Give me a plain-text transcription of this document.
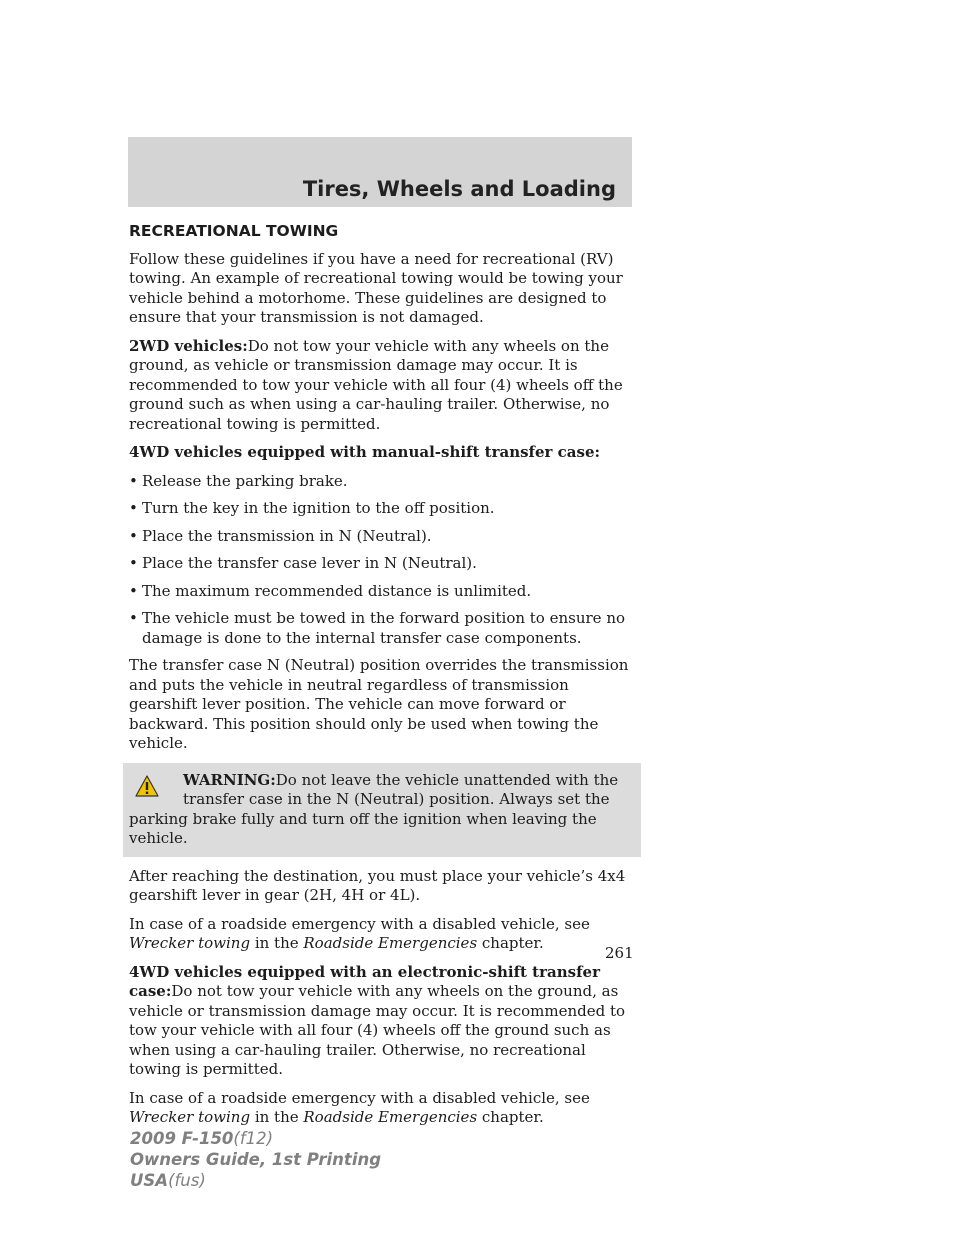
Tires, Wheels and Loading
RECREATIONAL TOWING

Follow these guidelines if you have a need for recreational (RV) towing. An example of recreational towing would be towing your vehicle behind a motorhome. These guidelines are designed to ensure that your transmission is not damaged.

2WD vehicles:Do not tow your vehicle with any wheels on the ground, as vehicle or transmission damage may occur. It is recommended to tow your vehicle with all four (4) wheels off the ground such as when using a car-hauling trailer. Otherwise, no recreational towing is permitted.

4WD vehicles equipped with manual-shift transfer case:

• Release the parking brake.
• Turn the key in the ignition to the off position.
• Place the transmission in N (Neutral).
• Place the transfer case lever in N (Neutral).
• The maximum recommended distance is unlimited.
• The vehicle must be towed in the forward position to ensure no damage is done to the internal transfer case components.

The transfer case N (Neutral) position overrides the transmission and puts the vehicle in neutral regardless of transmission gearshift lever position. The vehicle can move forward or backward. This position should only be used when towing the vehicle.

WARNING:Do not leave the vehicle unattended with the transfer case in the N (Neutral) position. Always set the parking brake fully and turn off the ignition when leaving the vehicle.

After reaching the destination, you must place your vehicle’s 4x4 gearshift lever in gear (2H, 4H or 4L).

In case of a roadside emergency with a disabled vehicle, see Wrecker towing in the Roadside Emergencies chapter.

4WD vehicles equipped with an electronic-shift transfer case:Do not tow your vehicle with any wheels on the ground, as vehicle or transmission damage may occur. It is recommended to tow your vehicle with all four (4) wheels off the ground such as when using a car-hauling trailer. Otherwise, no recreational towing is permitted.

In case of a roadside emergency with a disabled vehicle, see Wrecker towing in the Roadside Emergencies chapter.

261
2009 F-150(f12)
Owners Guide, 1st Printing
USA(fus)
